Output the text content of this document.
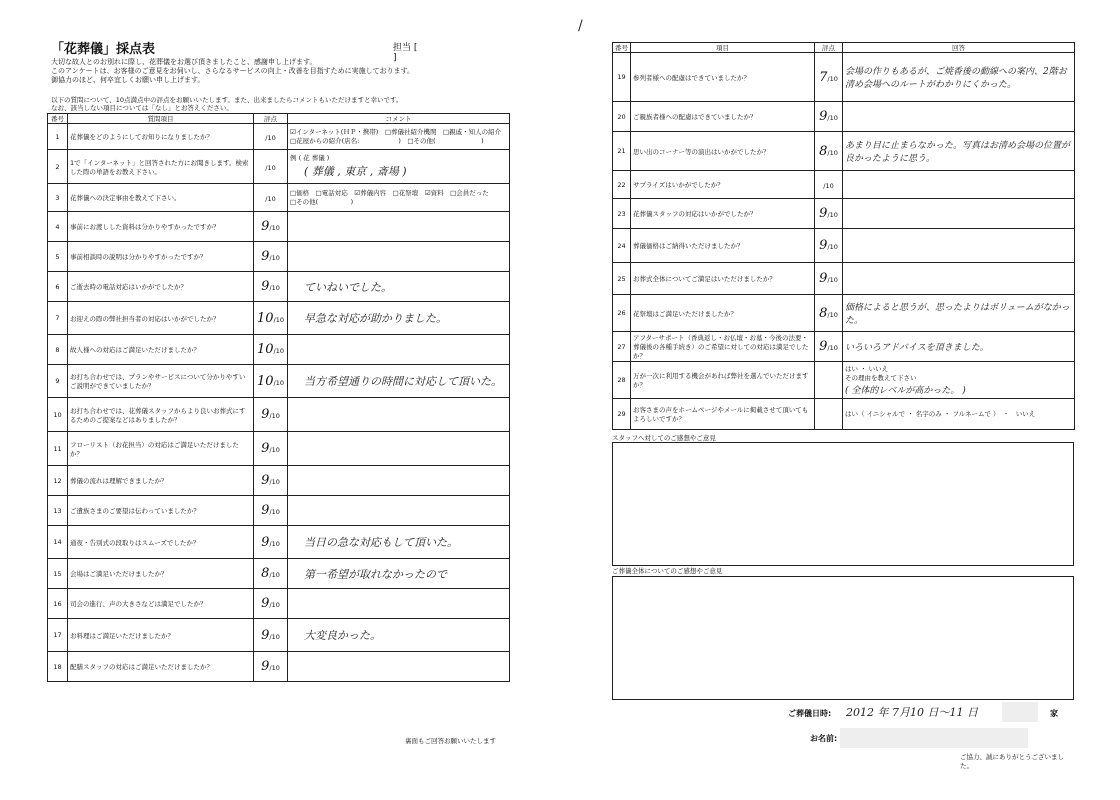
「花葬儀」採点表	担当 [  ]
大切な故人とのお別れに際し、花葬儀をお選び頂きましたこと、感謝申し上げます。
このアンケートは、お客様のご意見をお伺いし、さらなるサービスの向上・改善を目指すために実施しております。
御協力のほど、何卒宜しくお願い申し上げます。
以下の質問について、10点満点中の評点をお願いいたします。また、出来ましたらコメントもいただけますと幸いです。
なお、該当しない項目については「なし」とお答えください。
番号	質問項目	評点	コメント
1	花葬儀をどのようにしてお知りになりましたか？	/10	☑インターネット(ＨＰ・携帯)　□葬儀社紹介機関　□親戚・知人の紹介
□花屋からの紹介(店名:　　　　　　)　□その他(　　　　　　　)

2	1で「インターネット」と回答された方にお聞きします。検索した際の単語をお教え下さい。	/10	例 ( 花 葬儀 )
( 葬儀 , 東京 , 斎場 )

3	花葬儀への決定事由を教えて下さい。	/10	□価格　□電話対応　☑葬儀内容　□花祭壇　☑資料　□会員だった
□その他(　　　　　)

4	事前にお渡しした資料は分かりやすかったですか？	9/10	
5	事前相談時の説明は分かりやすかったですか？	9/10	
6	ご逝去時の電話対応はいかがでしたか？	9/10	ていねいでした。

7	お迎えの際の弊社担当者の対応はいかがでしたか？	10/10	早急な対応が助かりました。

8	故人様への対応はご満足いただけましたか？	10/10	
9	お打ち合わせでは、プランやサービスについて分かりやすいご説明ができていましたか？	10/10	当方希望通りの時間に対応して頂いた。

10	お打ち合わせでは、花葬儀スタッフからより良いお葬式にするためのご提案などはありましたか？	9/10	
11	フローリスト（お花担当）の対応はご満足いただけましたか？	9/10	
12	葬儀の流れは理解できましたか？	9/10	
13	ご遺族さまのご要望は伝わっていましたか？	9/10	
14	通夜・告別式の段取りはスムーズでしたか？	9/10	当日の急な対応もして頂いた。

15	会場はご満足いただけましたか？	8/10	第一希望が取れなかったので

16	司会の進行、声の大きさなどは満足でしたか？	9/10	
17	お料理はご満足いただけましたか？	9/10	大変良かった。

18	配膳スタッフの対応はご満足いただけましたか？	9/10	
裏面もご回答お願いいたします
/
番号	項目	評点	回答
19	参列者様への配慮はできていましたか？	7/10	会場の作りもあるが、ご焼香後の動線への案内、2階お清め会場へのルートがわかりにくかった。

20	ご親族者様への配慮はできていましたか？	9/10	
21	思い出のコーナー等の演出はいかがでしたか？	8/10	あまり目に止まらなかった。写真はお清め会場の位置が良かったように思う。

22	サプライズはいかがでしたか？	/10	
23	花葬儀スタッフの対応はいかがでしたか？	9/10	
24	葬儀価格はご納得いただけましたか？	9/10	
25	お葬式全体についてご満足はいただけましたか？	9/10	
26	花祭壇はご満足いただけましたか？	8/10	価格によると思うが、思ったよりはボリュームがなかった。

27	アフターサポート（香典返し・お仏壇・お墓・今後の法要・葬儀後の各種手続き）のご希望に対しての対応は満足でしたか？	9/10	いろいろアドバイスを頂きました。

28	万が一次に利用する機会があれば弊社を選んでいただけますか？		はい ・ いいえ
その理由を教えて下さい
( 全体的レベルが高かった。 )

29	お客さまの声をホームページやメールに掲載させて頂いてもよろしいですか？		はい（ イニシャルで ・ 名字のみ ・ フルネームで ）　・　いいえ
スタッフへ対してのご感想やご意見
ご葬儀全体についてのご感想やご意見
ご葬儀日時: 2012 年 7月10 日～11 日	家
お名前:
ご協力、誠にありがとうございました。
